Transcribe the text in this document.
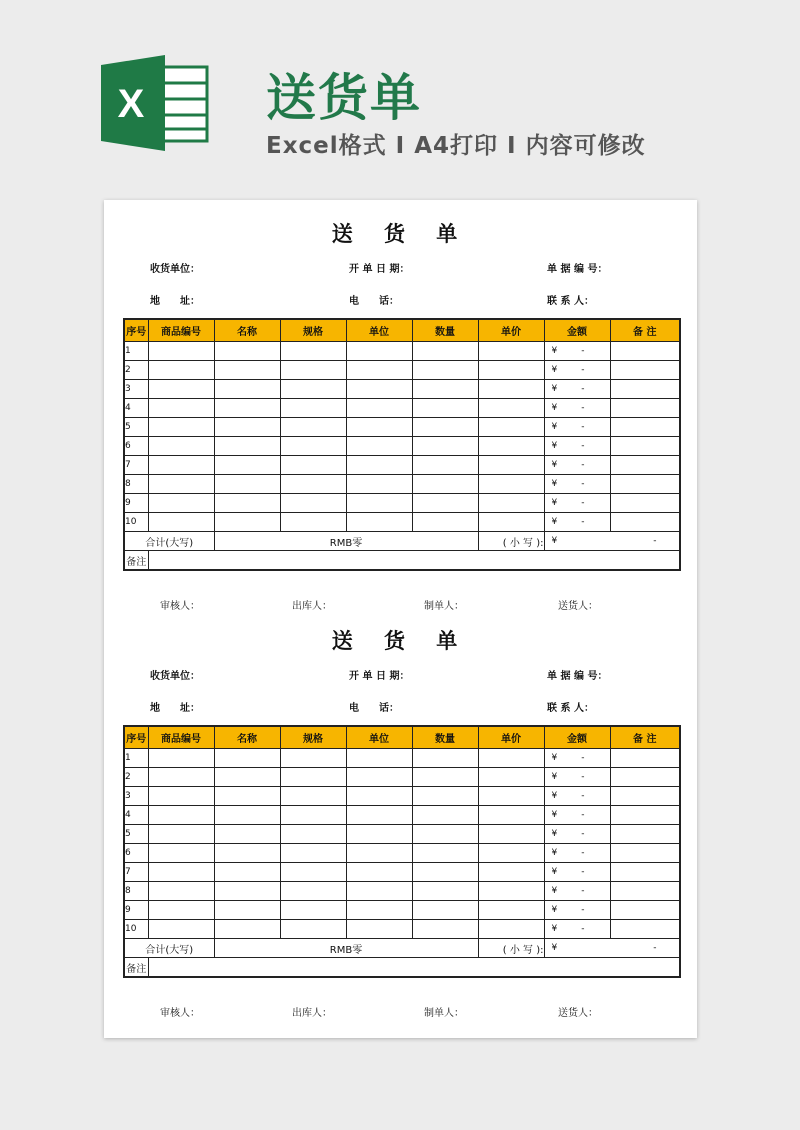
X 送货单
Excel格式 I A4打印 I 内容可修改
送 货 单
收货单位：	开 单 日 期：	单 据 编 号：
地　　址：	电　　话：	联 系 人：
序号	商品编号	名称	规格	单位	数量	单价	金额	备 注
1							¥ -	
2							¥ -	
3							¥ -	
4							¥ -	
5							¥ -	
6							¥ -	
7							¥ -	
8							¥ -	
9							¥ -	
10							¥ -	
合计(大写)		RMB零				( 小 写 ):	¥ -	
备注								
审核人：	出库人：	制单人：	送货人：
送 货 单
收货单位：	开 单 日 期：	单 据 编 号：
地　　址：	电　　话：	联 系 人：
序号	商品编号	名称	规格	单位	数量	单价	金额	备 注
1							¥ -	
2							¥ -	
3							¥ -	
4							¥ -	
5							¥ -	
6							¥ -	
7							¥ -	
8							¥ -	
9							¥ -	
10							¥ -	
合计(大写)		RMB零				( 小 写 ):	¥ -	
备注								
审核人：	出库人：	制单人：	送货人：
